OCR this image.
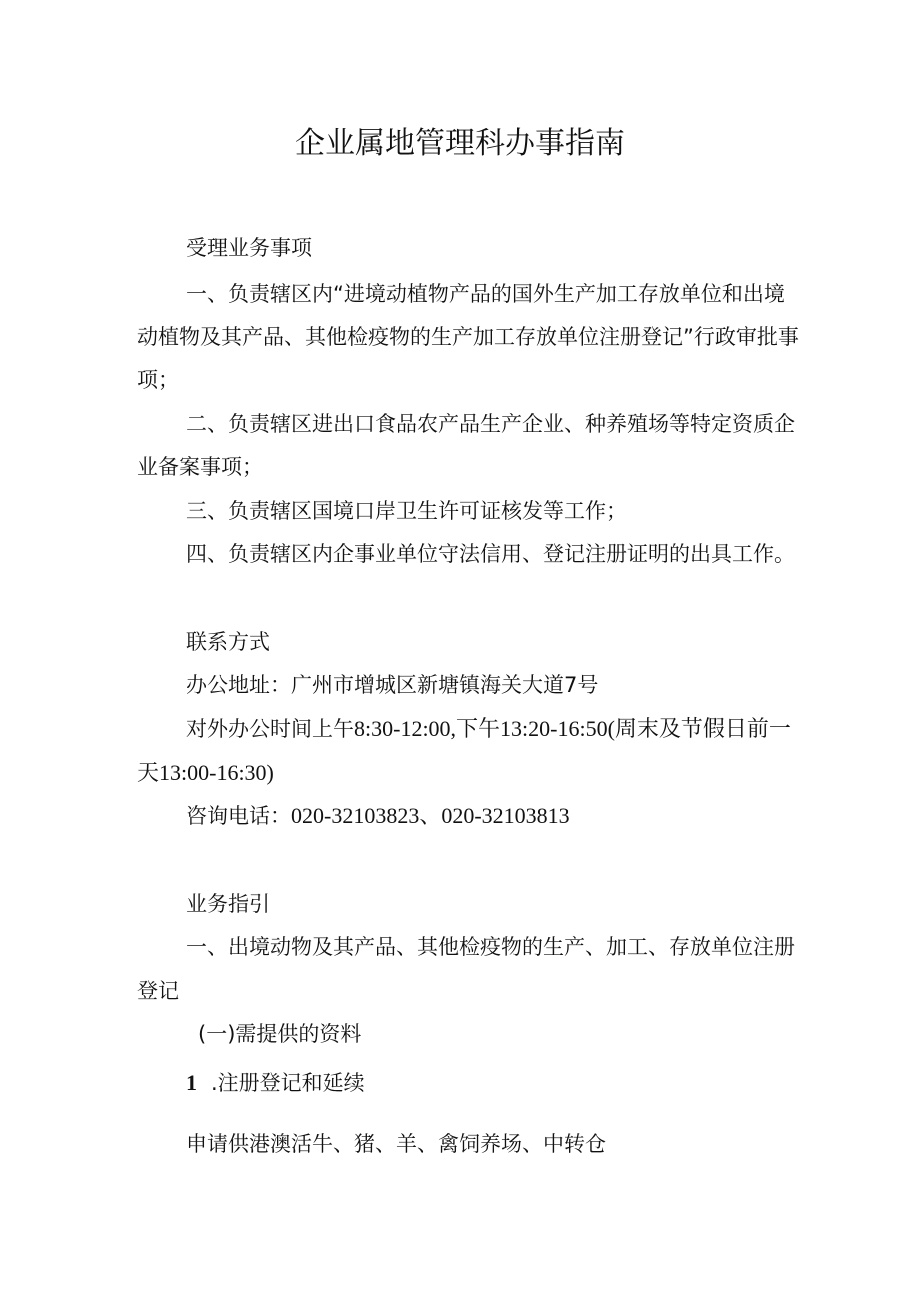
企业属地管理科办事指南
受理业务事项
一、负责辖区内“进境动植物产品的国外生产加工存放单位和出境
动植物及其产品、其他检疫物的生产加工存放单位注册登记”行政审批事
项；
二、负责辖区进出口食品农产品生产企业、种养殖场等特定资质企
业备案事项；
三、负责辖区国境口岸卫生许可证核发等工作；
四、负责辖区内企事业单位守法信用、登记注册证明的出具工作。
联系方式
办公地址：广州市增城区新塘镇海关大道7号
对外办公时间上午8:30-12:00,下午13:20-16:50(周末及节假日前一
天13:00-16:30)
咨询电话：020-32103823、020-32103813
业务指引
一、出境动物及其产品、其他检疫物的生产、加工、存放单位注册
登记
(一)需提供的资料
1 .注册登记和延续
申请供港澳活牛、猪、羊、禽饲养场、中转仓
